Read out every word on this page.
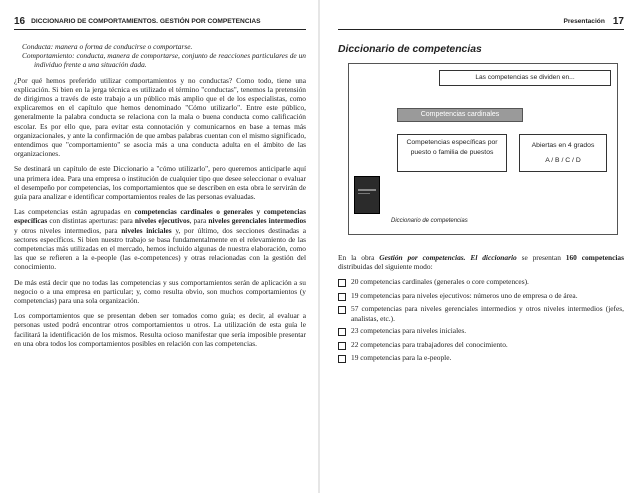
16 DICCIONARIO DE COMPORTAMIENTOS. GESTIÓN POR COMPETENCIAS

Conducta: manera o forma de conducirse o comportarse.

Comportamiento: conducta, manera de comportarse, conjunto de reacciones particulares de un individuo frente a una situación dada.

¿Por qué hemos preferido utilizar comportamientos y no conductas? Como todo, tiene una explicación. Si bien en la jerga técnica es utilizado el término "conductas", tenemos la pretensión de dirigirnos a través de este trabajo a un público más amplio que el de los especialistas, como explicaremos en el capítulo que hemos denominado "Cómo utilizarlo". Entre este público, generalmente la palabra conducta se relaciona con la mala o buena conducta como calificación escolar. Es por ello que, para evitar esta connotación y comunicarnos en base a temas más organizacionales, y ante la confirmación de que ambas palabras cuentan con el mismo significado, entendimos que "comportamiento" se asocia más a una conducta adulta en el ámbito de las organizaciones.

Se destinará un capítulo de este Diccionario a "cómo utilizarlo", pero queremos anticiparle aquí una primera idea. Para una empresa o institución de cualquier tipo que desee seleccionar o evaluar el desempeño por competencias, los comportamientos que se describen en esta obra le servirán de guía para analizar e identificar comportamientos reales de las personas evaluadas.

Las competencias están agrupadas en competencias cardinales o generales y competencias específicas con distintas aperturas: para niveles ejecutivos, para niveles gerenciales intermedios y otros niveles intermedios, para niveles iniciales y, por último, dos secciones destinadas a sectores específicos. Si bien nuestro trabajo se basa fundamentalmente en el relevamiento de las competencias más utilizadas en el mercado, hemos incluido algunas de nuestra elaboración, como las que se refieren a la e-people (las e-competences) y otras relacionadas con la gestión del conocimiento.

De más está decir que no todas las competencias y sus comportamientos serán de aplicación a su negocio o a una empresa en particular; y, como resulta obvio, son muchos comportamientos (y competencias) para una sola organización.

Los comportamientos que se presentan deben ser tomados como guía; es decir, al evaluar a personas usted podrá encontrar otros comportamientos u otros. La utilización de esta guía le facilitará la identificación de los mismos. Resulta ocioso manifestar que sería imposible presentar en una obra todos los comportamientos posibles en relación con las competencias.

Presentación 17
Diccionario de competencias
Las competencias se dividen en...
Competencias cardinales
Competencias específicas por puesto o familia de puestos
Abiertas en 4 grados
A / B / C / D
Diccionario de competencias

En la obra Gestión por competencias. El diccionario se presentan 160 competencias distribuidas del siguiente modo:

20 competencias cardinales (generales o core competences).

19 competencias para niveles ejecutivos: números uno de empresa o de área.

57 competencias para niveles gerenciales intermedios y otros niveles intermedios (jefes, analistas, etc.).

23 competencias para niveles iniciales.

22 competencias para trabajadores del conocimiento.

19 competencias para la e-people.
